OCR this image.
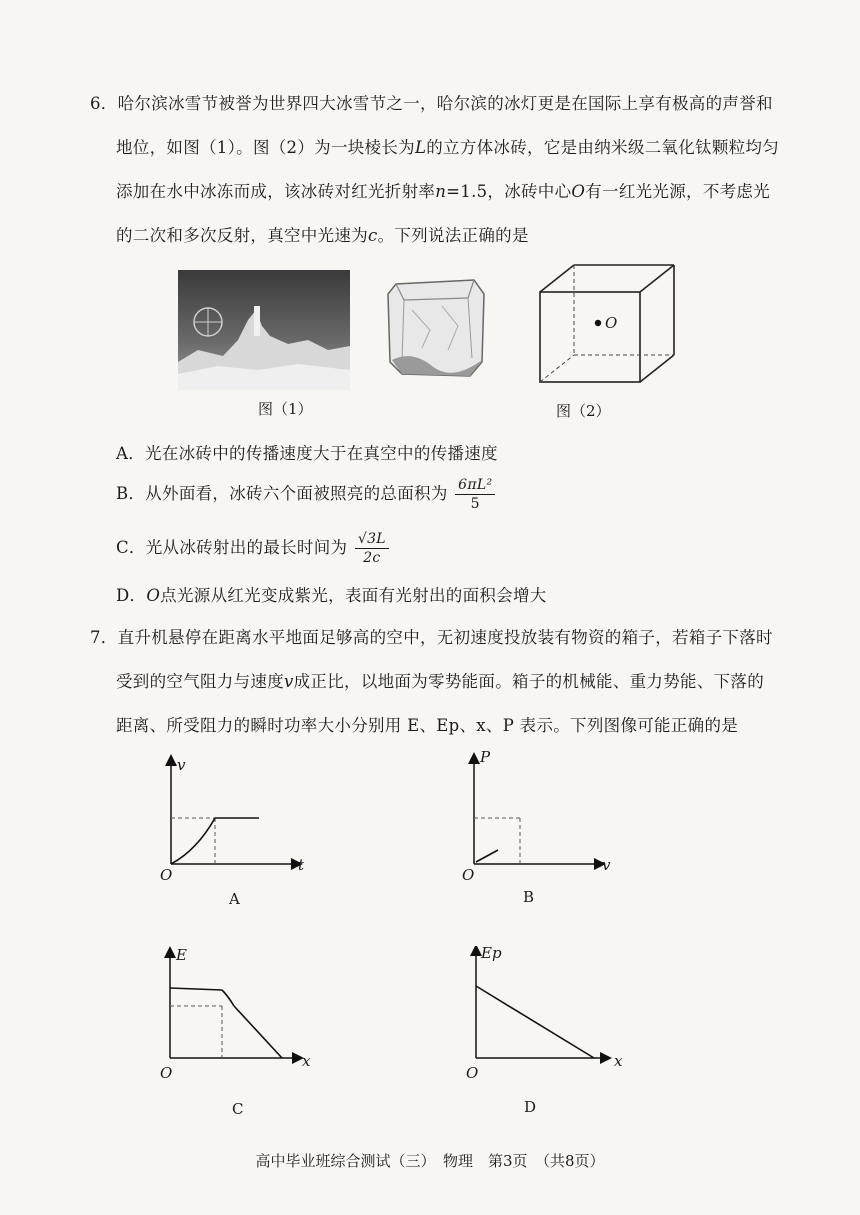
6．哈尔滨冰雪节被誉为世界四大冰雪节之一，哈尔滨的冰灯更是在国际上享有极高的声誉和
地位，如图（1）。图（2）为一块棱长为L的立方体冰砖，它是由纳米级二氧化钛颗粒均匀
添加在水中冰冻而成，该冰砖对红光折射率n=1.5，冰砖中心O有一红光光源，不考虑光
的二次和多次反射，真空中光速为c。下列说法正确的是
O
图（1）	图（2）
A．光在冰砖中的传播速度大于在真空中的传播速度
B．从外面看，冰砖六个面被照亮的总面积为 $\frac{\text{6πL²}}{5}$
C．光从冰砖射出的最长时间为 $\frac{√3L}{2c}$
D．O点光源从红光变成紫光，表面有光射出的面积会增大
7．直升机悬停在距离水平地面足够高的空中，无初速度投放装有物资的箱子，若箱子下落时
受到的空气阻力与速度v成正比，以地面为零势能面。箱子的机械能、重力势能、下落的
距离、所受阻力的瞬时功率大小分别用 E、Ep、x、P 表示。下列图像可能正确的是
v
t
O
A
P
v
O
B
E
x
O
C
Ep
x
O
D
高中毕业班综合测试（三）　物理　第3页　（共8页）
